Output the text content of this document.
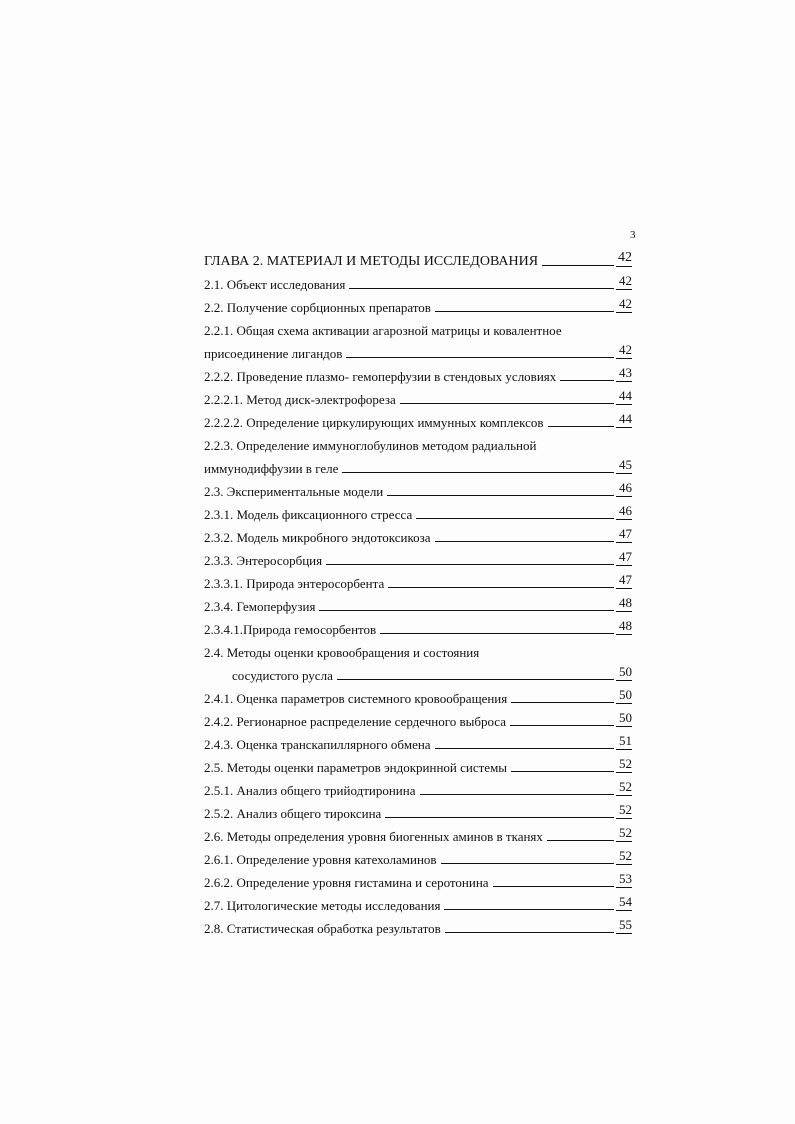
3
ГЛАВА 2. МАТЕРИАЛ И МЕТОДЫ ИССЛЕДОВАНИЯ	42
2.1. Объект исследования	42
2.2. Получение сорбционных препаратов	42
2.2.1. Общая схема активации агарозной матрицы и ковалентное
присоединение лигандов	42
2.2.2. Проведение плазмо- гемоперфузии в стендовых условиях	43
2.2.2.1. Метод диск-электрофореза	44
2.2.2.2. Определение циркулирующих иммунных комплексов	44
2.2.3. Определение иммуноглобулинов методом радиальной
иммунодиффузии в геле	45
2.3. Экспериментальные модели	46
2.3.1. Модель фиксационного стресса	46
2.3.2. Модель микробного эндотоксикоза	47
2.3.3. Энтеросорбция	47
2.3.3.1. Природа энтеросорбента	47
2.3.4. Гемоперфузия	48
2.3.4.1.Природа гемосорбентов	48
2.4. Методы оценки кровообращения и состояния
сосудистого русла	50
2.4.1. Оценка параметров системного кровообращения	50
2.4.2. Регионарное распределение сердечного выброса	50
2.4.3. Оценка транскапиллярного обмена	51
2.5. Методы оценки параметров эндокринной системы	52
2.5.1. Анализ общего трийодтиронина	52
2.5.2. Анализ общего тироксина	52
2.6. Методы определения уровня биогенных аминов в тканях	52
2.6.1. Определение уровня катехоламинов	52
2.6.2. Определение уровня гистамина и серотонина	53
2.7. Цитологические методы исследования	54
2.8. Статистическая обработка результатов	55
